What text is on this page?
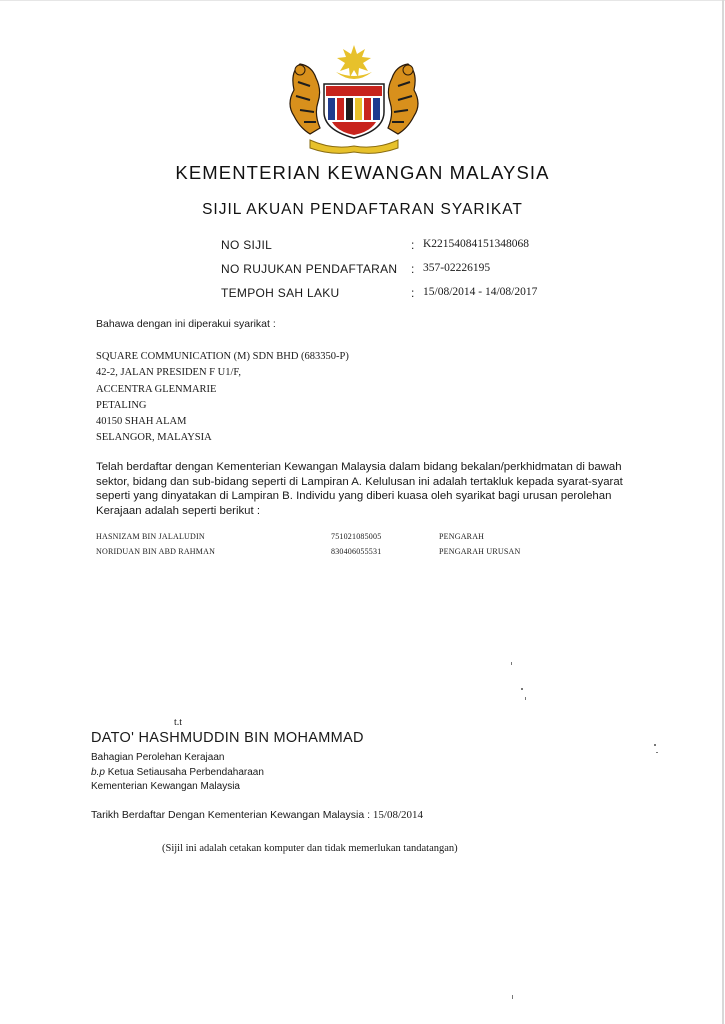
KEMENTERIAN KEWANGAN MALAYSIA
SIJIL AKUAN PENDAFTARAN SYARIKAT
NO SIJIL	: K22154084151348068
NO RUJUKAN PENDAFTARAN : 357-02226195
TEMPOH SAH LAKU	: 15/08/2014 - 14/08/2017
Bahawa dengan ini diperakui syarikat :
SQUARE COMMUNICATION (M) SDN BHD (683350-P)
42-2, JALAN PRESIDEN F U1/F,
ACCENTRA GLENMARIE
PETALING
40150 SHAH ALAM
SELANGOR, MALAYSIA
Telah berdaftar dengan Kementerian Kewangan Malaysia dalam bidang bekalan/perkhidmatan di bawah sektor, bidang dan sub-bidang seperti di Lampiran A. Kelulusan ini adalah tertakluk kepada syarat-syarat seperti yang dinyatakan di Lampiran B. Individu yang diberi kuasa oleh syarikat bagi urusan perolehan Kerajaan adalah seperti berikut :
HASNIZAM BIN JALALUDIN	751021085005	PENGARAH
NORIDUAN BIN ABD RAHMAN	830406055531	PENGARAH URUSAN
t.t
DATO' HASHMUDDIN BIN MOHAMMAD
Bahagian Perolehan Kerajaan
b.p Ketua Setiausaha Perbendaharaan
Kementerian Kewangan Malaysia
Tarikh Berdaftar Dengan Kementerian Kewangan Malaysia : 15/08/2014
(Sijil ini adalah cetakan komputer dan tidak memerlukan tandatangan)
